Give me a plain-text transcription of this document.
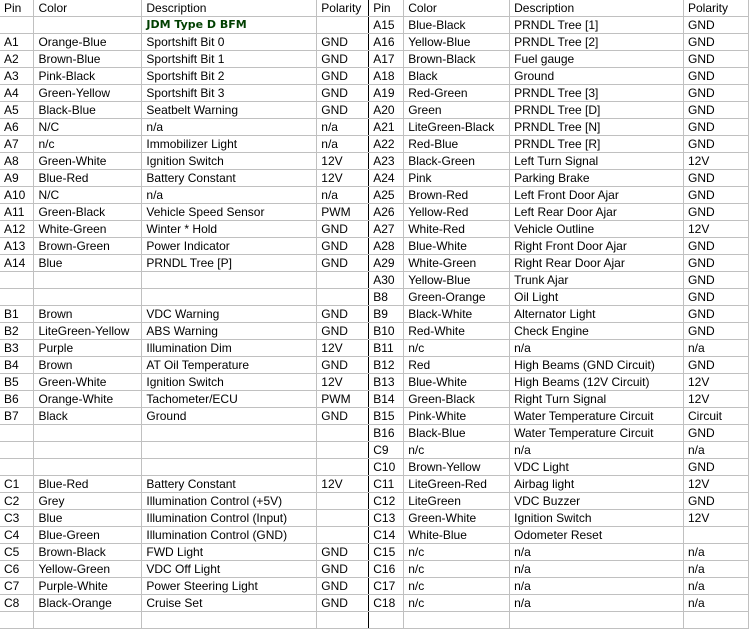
Pin	Color	Description	Polarity	Pin	Color	Description	Polarity
		JDM Type D BFM		A15	Blue-Black	PRNDL Tree [1]	GND
A1	Orange-Blue	Sportshift Bit 0	GND	A16	Yellow-Blue	PRNDL Tree [2]	GND
A2	Brown-Blue	Sportshift Bit 1	GND	A17	Brown-Black	Fuel gauge	GND
A3	Pink-Black	Sportshift Bit 2	GND	A18	Black	Ground	GND
A4	Green-Yellow	Sportshift Bit 3	GND	A19	Red-Green	PRNDL Tree [3]	GND
A5	Black-Blue	Seatbelt Warning	GND	A20	Green	PRNDL Tree [D]	GND
A6	N/C	n/a	n/a	A21	LiteGreen-Black	PRNDL Tree [N]	GND
A7	n/c	Immobilizer Light	n/a	A22	Red-Blue	PRNDL Tree [R]	GND
A8	Green-White	Ignition Switch	12V	A23	Black-Green	Left Turn Signal	12V
A9	Blue-Red	Battery Constant	12V	A24	Pink	Parking Brake	GND
A10	N/C	n/a	n/a	A25	Brown-Red	Left Front Door Ajar	GND
A11	Green-Black	Vehicle Speed Sensor	PWM	A26	Yellow-Red	Left Rear Door Ajar	GND
A12	White-Green	Winter * Hold	GND	A27	White-Red	Vehicle Outline	12V
A13	Brown-Green	Power Indicator	GND	A28	Blue-White	Right Front Door Ajar	GND
A14	Blue	PRNDL Tree [P]	GND	A29	White-Green	Right Rear Door Ajar	GND
				A30	Yellow-Blue	Trunk Ajar	GND
				B8	Green-Orange	Oil Light	GND
B1	Brown	VDC Warning	GND	B9	Black-White	Alternator Light	GND
B2	LiteGreen-Yellow	ABS Warning	GND	B10	Red-White	Check Engine	GND
B3	Purple	Illumination Dim	12V	B11	n/c	n/a	n/a
B4	Brown	AT Oil Temperature	GND	B12	Red	High Beams (GND Circuit)	GND
B5	Green-White	Ignition Switch	12V	B13	Blue-White	High Beams (12V Circuit)	12V
B6	Orange-White	Tachometer/ECU	PWM	B14	Green-Black	Right Turn Signal	12V
B7	Black	Ground	GND	B15	Pink-White	Water Temperature Circuit	Circuit
				B16	Black-Blue	Water Temperature Circuit	GND
				C9	n/c	n/a	n/a
				C10	Brown-Yellow	VDC Light	GND
C1	Blue-Red	Battery Constant	12V	C11	LiteGreen-Red	Airbag light	12V
C2	Grey	Illumination Control (+5V)		C12	LiteGreen	VDC Buzzer	GND
C3	Blue	Illumination Control (Input)		C13	Green-White	Ignition Switch	12V
C4	Blue-Green	Illumination Control (GND)		C14	White-Blue	Odometer Reset	
C5	Brown-Black	FWD Light	GND	C15	n/c	n/a	n/a
C6	Yellow-Green	VDC Off Light	GND	C16	n/c	n/a	n/a
C7	Purple-White	Power Steering Light	GND	C17	n/c	n/a	n/a
C8	Black-Orange	Cruise Set	GND	C18	n/c	n/a	n/a
